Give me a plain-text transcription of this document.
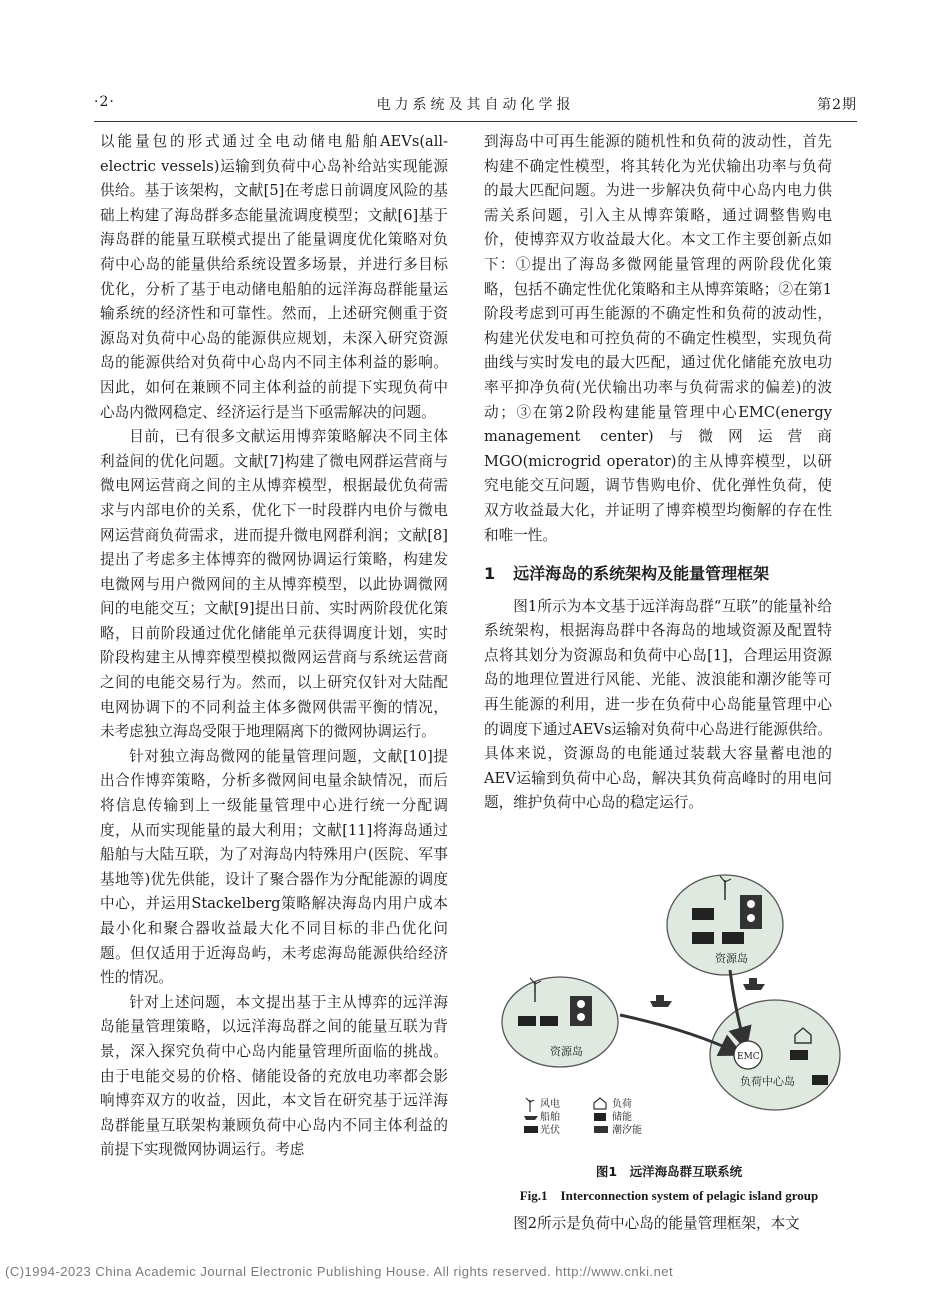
·2·	电力系统及其自动化学报	第2期

以能量包的形式通过全电动储电船舶AEVs(all-electric vessels)运输到负荷中心岛补给站实现能源供给。基于该架构，文献[5]在考虑日前调度风险的基础上构建了海岛群多态能量流调度模型；文献[6]基于海岛群的能量互联模式提出了能量调度优化策略对负荷中心岛的能量供给系统设置多场景，并进行多目标优化，分析了基于电动储电船舶的远洋海岛群能量运输系统的经济性和可靠性。然而，上述研究侧重于资源岛对负荷中心岛的能源供应规划，未深入研究资源岛的能源供给对负荷中心岛内不同主体利益的影响。因此，如何在兼顾不同主体利益的前提下实现负荷中心岛内微网稳定、经济运行是当下亟需解决的问题。

目前，已有很多文献运用博弈策略解决不同主体利益间的优化问题。文献[7]构建了微电网群运营商与微电网运营商之间的主从博弈模型，根据最优负荷需求与内部电价的关系，优化下一时段群内电价与微电网运营商负荷需求，进而提升微电网群利润；文献[8]提出了考虑多主体博弈的微网协调运行策略，构建发电微网与用户微网间的主从博弈模型，以此协调微网间的电能交互；文献[9]提出日前、实时两阶段优化策略，日前阶段通过优化储能单元获得调度计划，实时阶段构建主从博弈模型模拟微网运营商与系统运营商之间的电能交易行为。然而，以上研究仅针对大陆配电网协调下的不同利益主体多微网供需平衡的情况，未考虑独立海岛受限于地理隔离下的微网协调运行。

针对独立海岛微网的能量管理问题，文献[10]提出合作博弈策略，分析多微网间电量余缺情况，而后将信息传输到上一级能量管理中心进行统一分配调度，从而实现能量的最大利用；文献[11]将海岛通过船舶与大陆互联，为了对海岛内特殊用户(医院、军事基地等)优先供能，设计了聚合器作为分配能源的调度中心，并运用Stackelberg策略解决海岛内用户成本最小化和聚合器收益最大化不同目标的非凸优化问题。但仅适用于近海岛屿，未考虑海岛能源供给经济性的情况。

针对上述问题，本文提出基于主从博弈的远洋海岛能量管理策略，以远洋海岛群之间的能量互联为背景，深入探究负荷中心岛内能量管理所面临的挑战。由于电能交易的价格、储能设备的充放电功率都会影响博弈双方的收益，因此，本文旨在研究基于远洋海岛群能量互联架构兼顾负荷中心岛内不同主体利益的前提下实现微网协调运行。考虑

到海岛中可再生能源的随机性和负荷的波动性，首先构建不确定性模型，将其转化为光伏输出功率与负荷的最大匹配问题。为进一步解决负荷中心岛内电力供需关系问题，引入主从博弈策略，通过调整售购电价，使博弈双方收益最大化。本文工作主要创新点如下：①提出了海岛多微网能量管理的两阶段优化策略，包括不确定性优化策略和主从博弈策略；②在第1阶段考虑到可再生能源的不确定性和负荷的波动性，构建光伏发电和可控负荷的不确定性模型，实现负荷曲线与实时发电的最大匹配，通过优化储能充放电功率平抑净负荷(光伏输出功率与负荷需求的偏差)的波动；③在第2阶段构建能量管理中心EMC(energy management center)与微网运营商MGO(microgrid operator)的主从博弈模型，以研究电能交互问题，调节售购电价、优化弹性负荷，使双方收益最大化，并证明了博弈模型均衡解的存在性和唯一性。

1 远洋海岛的系统架构及能量管理框架

图1所示为本文基于远洋海岛群“互联”的能量补给系统架构，根据海岛群中各海岛的地域资源及配置特点将其划分为资源岛和负荷中心岛[1]，合理运用资源岛的地理位置进行风能、光能、波浪能和潮汐能等可再生能源的利用，进一步在负荷中心岛能量管理中心的调度下通过AEVs运输对负荷中心岛进行能源供给。具体来说，资源岛的电能通过装载大容量蓄电池的AEV运输到负荷中心岛，解决其负荷高峰时的用电问题，维护负荷中心岛的稳定运行。

资源岛
资源岛	EMC
负荷中心岛
风电
船舶
光伏
负荷
储能
潮汐能
图1　远洋海岛群互联系统
Fig.1　Interconnection system of pelagic island group
图2所示是负荷中心岛的能量管理框架，本文
(C)1994-2023 China Academic Journal Electronic Publishing House. All rights reserved. http://www.cnki.net
